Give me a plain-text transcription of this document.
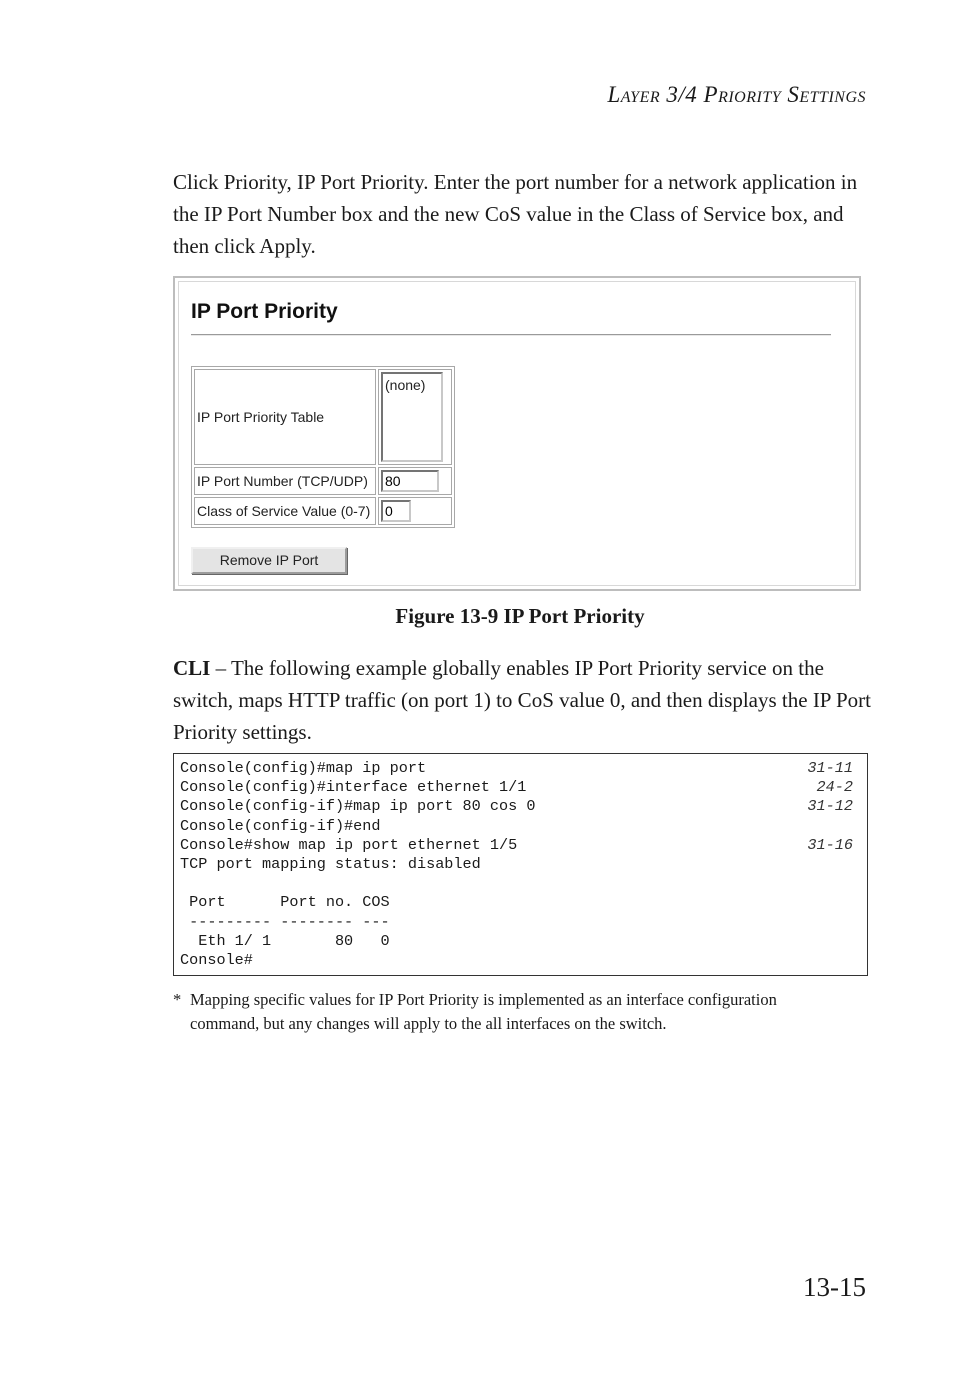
Layer 3/4 Priority Settings

Click Priority, IP Port Priority. Enter the port number for a network application in the IP Port Number box and the new CoS value in the Class of Service box, and then click Apply.

IP Port Priority
IP Port Priority Table	(none)

IP Port Number (TCP/UDP)	80
Class of Service Value (0-7)	0
Remove IP Port
Figure 13-9 IP Port Priority

CLI – The following example globally enables IP Port Priority service on the switch, maps HTTP traffic (on port 1) to CoS value 0, and then displays the IP Port Priority settings.

Console(config)#map ip port	31-11
Console(config)#interface ethernet 1/1	24-2
Console(config-if)#map ip port 80 cos 0	31-12
Console(config-if)#end
Console#show map ip port ethernet 1/5	31-16
TCP port mapping status: disabled
Port      Port no. COS
--------- -------- ---
Eth 1/ 1       80   0
Console#
* Mapping specific values for IP Port Priority is implemented as an interface configuration command, but any changes will apply to the all interfaces on the switch.
13-15
